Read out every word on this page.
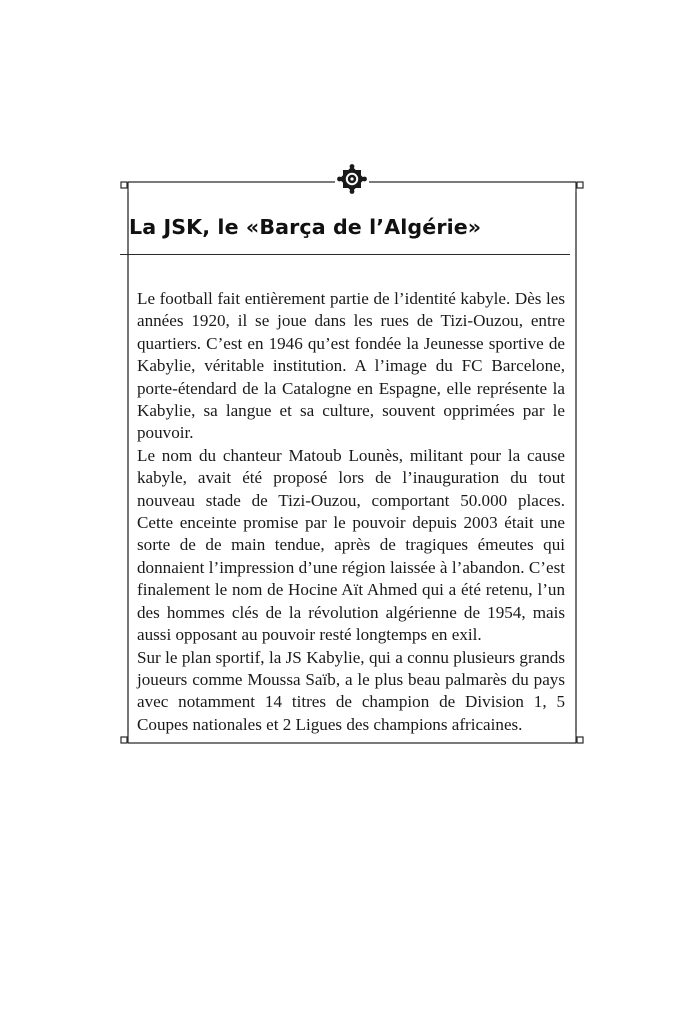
La JSK, le «Barça de l’Algérie»

Le football fait entièrement partie de l’identité kabyle. Dès les années 1920, il se joue dans les rues de Tizi-Ouzou, entre quartiers. C’est en 1946 qu’est fondée la Jeunesse sportive de Kabylie, véritable institution. A l’image du FC Barcelone, porte-étendard de la Catalogne en Espagne, elle représente la Kabylie, sa langue et sa culture, souvent opprimées par le pouvoir.

Le nom du chanteur Matoub Lounès, militant pour la cause kabyle, avait été proposé lors de l’inauguration du tout nouveau stade de Tizi-Ouzou, comportant 50.000 places. Cette enceinte promise par le pouvoir depuis 2003 était une sorte de de main tendue, après de tragiques émeutes qui donnaient l’impression d’une région laissée à l’abandon. C’est finalement le nom de Hocine Aït Ahmed qui a été retenu, l’un des hommes clés de la révolution algérienne de 1954, mais aussi opposant au pouvoir resté longtemps en exil.

Sur le plan sportif, la JS Kabylie, qui a connu plusieurs grands joueurs comme Moussa Saïb, a le plus beau palmarès du pays avec notamment 14 titres de champion de Division 1, 5 Coupes nationales et 2 Ligues des champions africaines.
